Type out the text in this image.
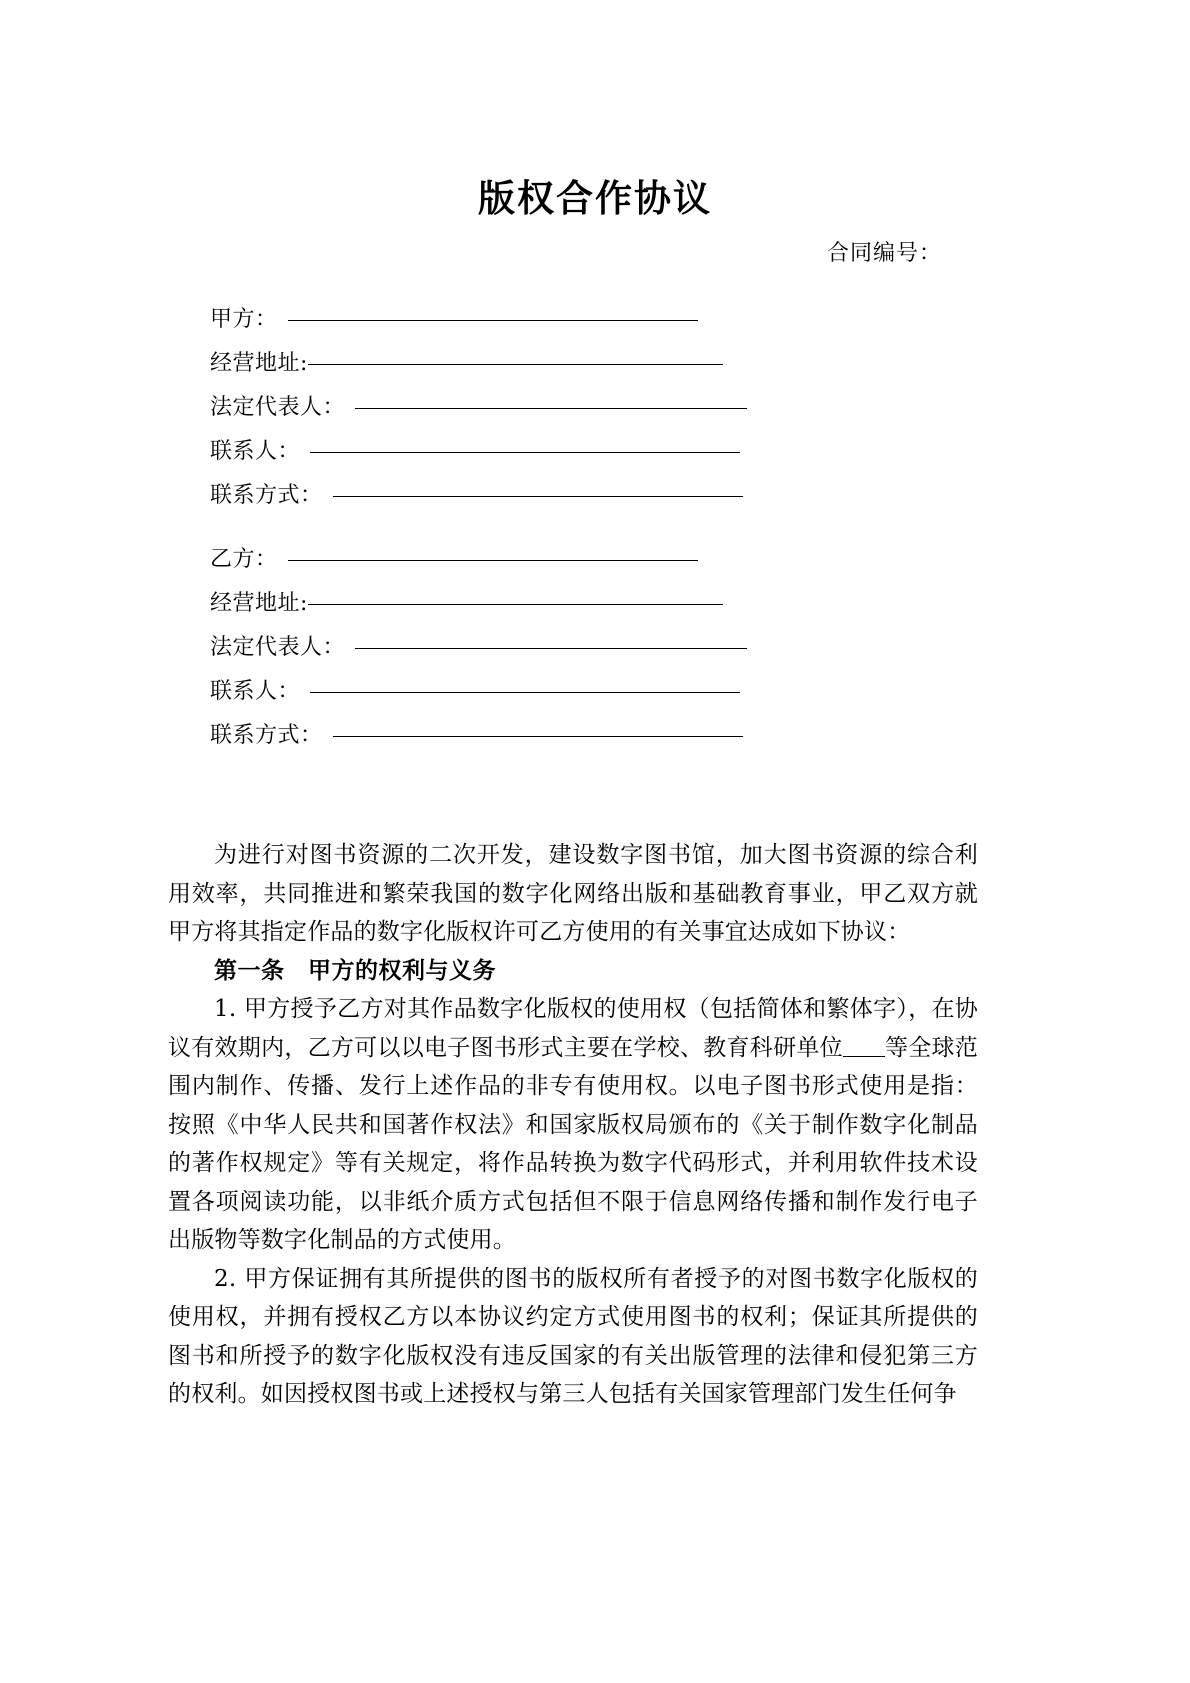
版权合作协议
合同编号：
甲方：
经营地址:
法定代表人：
联系人：
联系方式：
乙方：
经营地址:
法定代表人：
联系人：
联系方式：

为进行对图书资源的二次开发，建设数字图书馆，加大图书资源的综合利用效率，共同推进和繁荣我国的数字化网络出版和基础教育事业，甲乙双方就甲方将其指定作品的数字化版权许可乙方使用的有关事宜达成如下协议：

第一条　甲方的权利与义务

1. 甲方授予乙方对其作品数字化版权的使用权（包括简体和繁体字），在协议有效期内，乙方可以以电子图书形式主要在学校、教育科研单位 等全球范围内制作、传播、发行上述作品的非专有使用权。以电子图书形式使用是指：按照《中华人民共和国著作权法》和国家版权局颁布的《关于制作数字化制品的著作权规定》等有关规定，将作品转换为数字代码形式，并利用软件技术设置各项阅读功能，以非纸介质方式包括但不限于信息网络传播和制作发行电子出版物等数字化制品的方式使用。

2. 甲方保证拥有其所提供的图书的版权所有者授予的对图书数字化版权的使用权，并拥有授权乙方以本协议约定方式使用图书的权利；保证其所提供的图书和所授予的数字化版权没有违反国家的有关出版管理的法律和侵犯第三方的权利。如因授权图书或上述授权与第三人包括有关国家管理部门发生任何争
